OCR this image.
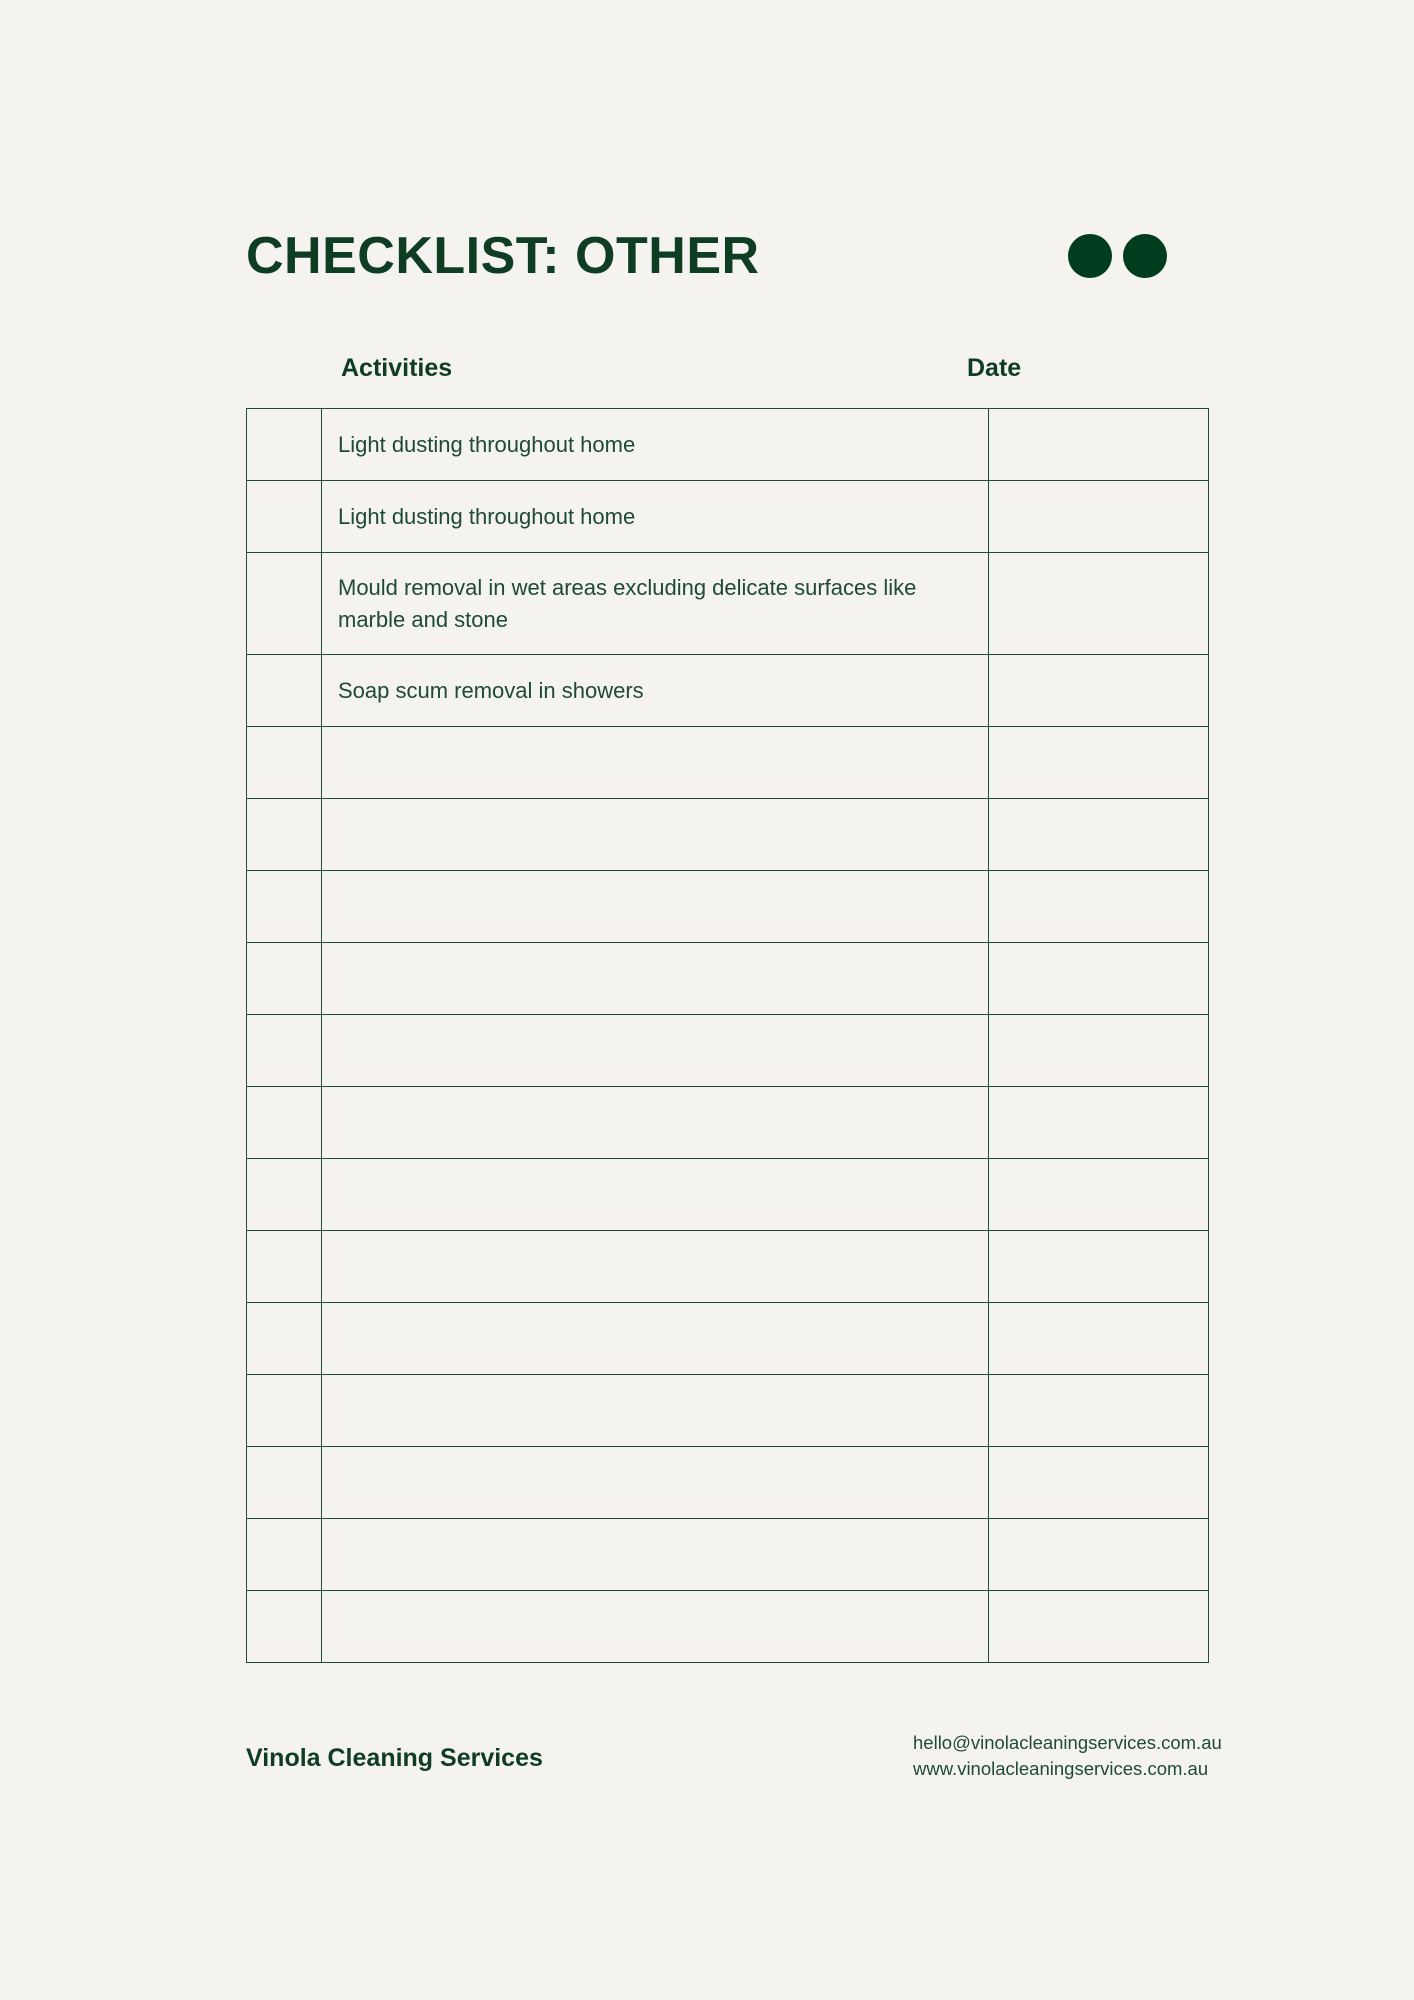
CHECKLIST: OTHER
Activities	Date
	Light dusting throughout home	
	Light dusting throughout home	
	Mould removal in wet areas excluding delicate surfaces like marble and stone	
	Soap scum removal in showers	

Vinola Cleaning Services
hello@vinolacleaningservices.com.au
www.vinolacleaningservices.com.au
